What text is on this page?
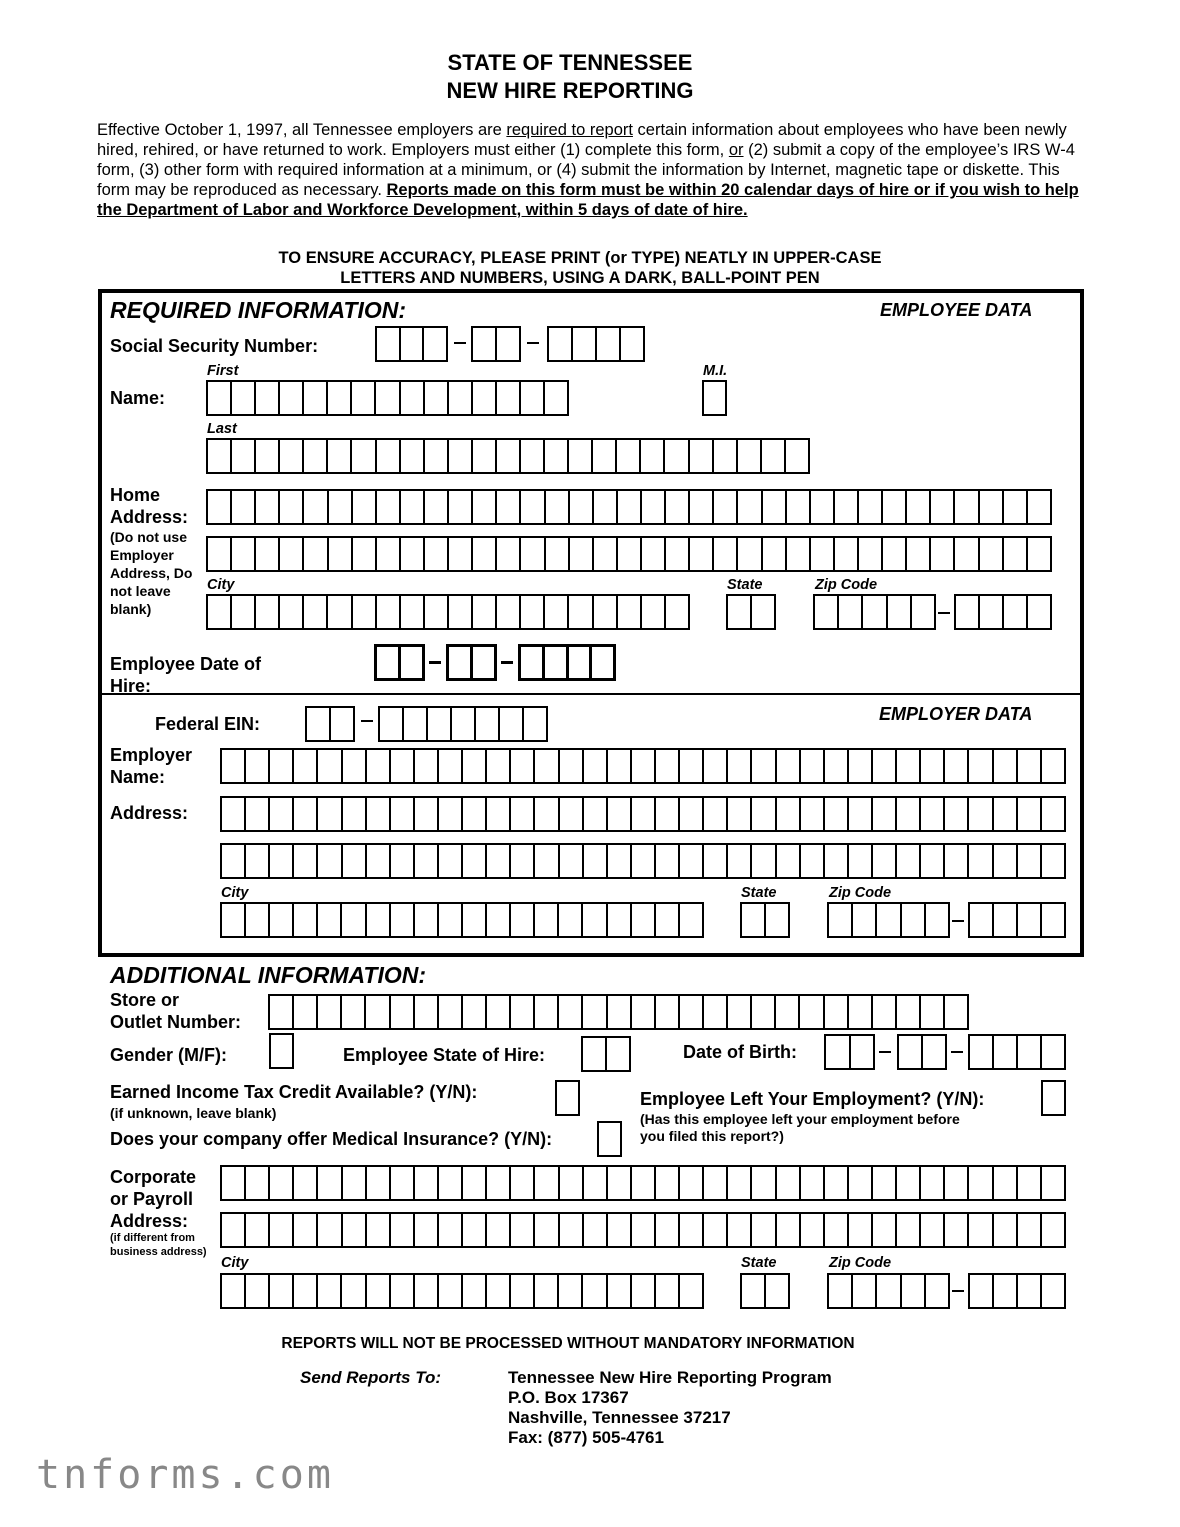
STATE OF TENNESSEE
NEW HIRE REPORTING
Effective October 1, 1997, all Tennessee employers are required to report certain information about employees who have been newly hired, rehired, or have returned to work. Employers must either (1) complete this form, or (2) submit a copy of the employee’s IRS W-4 form, (3) other form with required information at a minimum, or (4) submit the information by Internet, magnetic tape or diskette. This form may be reproduced as necessary. Reports made on this form must be within 20 calendar days of hire or if you wish to help the Department of Labor and Workforce Development, within 5 days of date of hire.
TO ENSURE ACCURACY, PLEASE PRINT (or TYPE) NEATLY IN UPPER-CASE
LETTERS AND NUMBERS, USING A DARK, BALL-POINT PEN
REQUIRED INFORMATION:	EMPLOYEE DATA
Social Security Number:
First	M.I.
Name:
Last
Home
Address:
(Do not use
Employer
Address, Do
not leave
blank)
City	State	Zip Code
Employee Date of
Hire:
EMPLOYER DATA
Federal EIN:
Employer
Name:
Address:
City	State	Zip Code
ADDITIONAL INFORMATION:
Store or
Outlet Number:
Gender (M/F):	Employee State of Hire:	Date of Birth:
Earned Income Tax Credit Available? (Y/N):
(if unknown, leave blank)
Employee Left Your Employment? (Y/N):
(Has this employee left your employment before
you filed this report?)
Does your company offer Medical Insurance? (Y/N):
Corporate
or Payroll
Address:
(if different from
business address)
City	State	Zip Code
REPORTS WILL NOT BE PROCESSED WITHOUT MANDATORY INFORMATION
Send Reports To:	Tennessee New Hire Reporting Program
P.O. Box 17367
Nashville, Tennessee 37217
Fax: (877) 505-4761
tnforms.com
